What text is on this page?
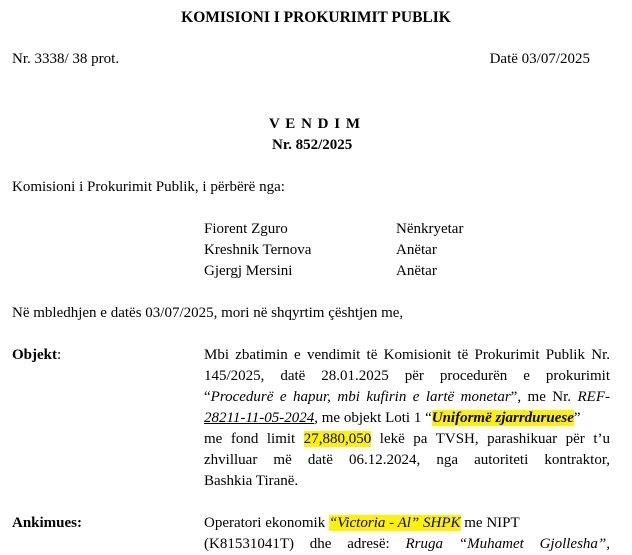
KOMISIONI I PROKURIMIT PUBLIK
Nr. 3338/ 38 prot.	Datë 03/07/2025
V E N D I M
Nr. 852/2025
Komisioni i Prokurimit Publik, i përbërë nga:
Fiorent Zguro	Nënkryetar
Kreshnik Ternova	Anëtar
Gjergj Mersini	Anëtar
Në mbledhjen e datës 03/07/2025, mori në shqyrtim çështjen me,
Objekt:	Mbi zbatimin e vendimit të Komisionit të Prokurimit Publik Nr.
145/2025, datë 28.01.2025 për procedurën e prokurimit
“Procedurë e hapur, mbi kufirin e lartë monetar”, me Nr. REF-
28211-11-05-2024, me objekt Loti 1 “Uniformë zjarrduruese”
me fond limit 27,880,050 lekë pa TVSH, parashikuar për t’u
zhvilluar më datë 06.12.2024, nga autoriteti kontraktor,
Bashkia Tiranë.
Ankimues:	Operatori ekonomik “Victoria - Al” SHPK me NIPT
(K81531041T) dhe adresë: Rruga “Muhamet Gjollesha”,
